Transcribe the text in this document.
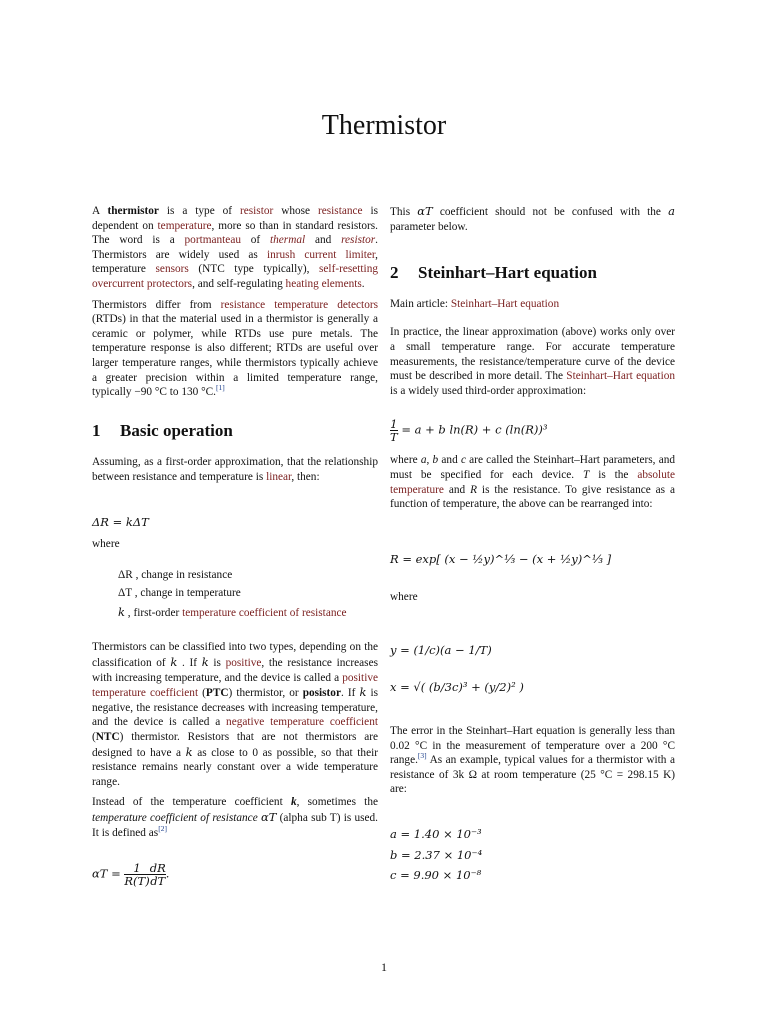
Thermistor

A thermistor is a type of resistor whose resistance is dependent on temperature, more so than in standard resistors. The word is a portmanteau of thermal and resistor. Thermistors are widely used as inrush current limiter, temperature sensors (NTC type typically), self-resetting overcurrent protectors, and self-regulating heating elements.

Thermistors differ from resistance temperature detectors (RTDs) in that the material used in a thermistor is generally a ceramic or polymer, while RTDs use pure metals. The temperature response is also different; RTDs are useful over larger temperature ranges, while thermistors typically achieve a greater precision within a limited temperature range, typically −90 °C to 130 °C.[1]

1 Basic operation

Assuming, as a first-order approximation, that the relationship between resistance and temperature is linear, then:

ΔR = kΔT

where

ΔR , change in resistance
ΔT , change in temperature
k , first-order temperature coefficient of resistance

Thermistors can be classified into two types, depending on the classification of k . If k is positive, the resistance increases with increasing temperature, and the device is called a positive temperature coefficient (PTC) thermistor, or posistor. If k is negative, the resistance decreases with increasing temperature, and the device is called a negative temperature coefficient (NTC) thermistor. Resistors that are not thermistors are designed to have a k as close to 0 as possible, so that their resistance remains nearly constant over a wide temperature range.

Instead of the temperature coefficient k, sometimes the temperature coefficient of resistance αT (alpha sub T) is used. It is defined as[2]

$\alpha T = \frac{1}{R(T)} \frac{dR}{dT}$ .

This αT coefficient should not be confused with the a parameter below.

2 Steinhart–Hart equation

Main article: Steinhart–Hart equation

In practice, the linear approximation (above) works only over a small temperature range. For accurate temperature measurements, the resistance/temperature curve of the device must be described in more detail. The Steinhart–Hart equation is a widely used third-order approximation:

$\frac{1}{T} = a + b$ ln(R) + c (ln(R))³

where a, b and c are called the Steinhart–Hart parameters, and must be specified for each device. T is the absolute temperature and R is the resistance. To give resistance as a function of temperature, the above can be rearranged into:

R = exp[ (x − ½y)^⅓ − (x + ½y)^⅓ ]

where

y = (1/c)(a − 1/T)
x = √( (b/3c)³ + (y/2)² )

The error in the Steinhart–Hart equation is generally less than 0.02 °C in the measurement of temperature over a 200 °C range.[3] As an example, typical values for a thermistor with a resistance of 3k Ω at room temperature (25 °C = 298.15 K) are:

a = 1.40 × 10⁻³
b = 2.37 × 10⁻⁴
c = 9.90 × 10⁻⁸
1
